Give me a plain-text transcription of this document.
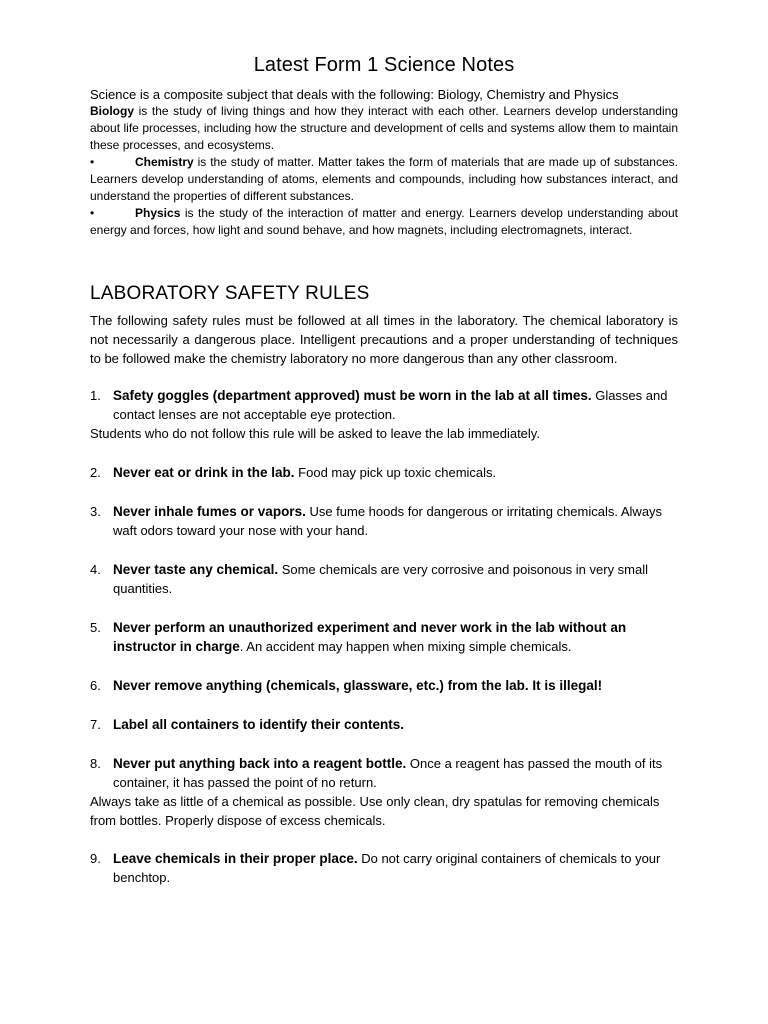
Latest Form 1 Science Notes

Science is a composite subject that deals with the following: Biology, Chemistry and Physics

Biology is the study of living things and how they interact with each other. Learners develop understanding about life processes, including how the structure and development of cells and systems allow them to maintain these processes, and ecosystems.

•	Chemistry is the study of matter. Matter takes the form of materials that are made up of substances. Learners develop understanding of atoms, elements and compounds, including how substances interact, and understand the properties of different substances.

•	Physics is the study of the interaction of matter and energy. Learners develop understanding about energy and forces, how light and sound behave, and how magnets, including electromagnets, interact.

LABORATORY SAFETY RULES

The following safety rules must be followed at all times in the laboratory. The chemical laboratory is not necessarily a dangerous place. Intelligent precautions and a proper understanding of techniques to be followed make the chemistry laboratory no more dangerous than any other classroom.

1. Safety goggles (department approved) must be worn in the lab at all times. Glasses and contact lenses are not acceptable eye protection.

Students who do not follow this rule will be asked to leave the lab immediately.

2. Never eat or drink in the lab. Food may pick up toxic chemicals.
3. Never inhale fumes or vapors. Use fume hoods for dangerous or irritating chemicals. Always waft odors toward your nose with your hand.
4. Never taste any chemical. Some chemicals are very corrosive and poisonous in very small quantities.
5. Never perform an unauthorized experiment and never work in the lab without an instructor in charge. An accident may happen when mixing simple chemicals.
6. Never remove anything (chemicals, glassware, etc.) from the lab. It is illegal!
7. Label all containers to identify their contents.
8. Never put anything back into a reagent bottle. Once a reagent has passed the mouth of its container, it has passed the point of no return.

Always take as little of a chemical as possible. Use only clean, dry spatulas for removing chemicals from bottles. Properly dispose of excess chemicals.

9. Leave chemicals in their proper place. Do not carry original containers of chemicals to your benchtop.
